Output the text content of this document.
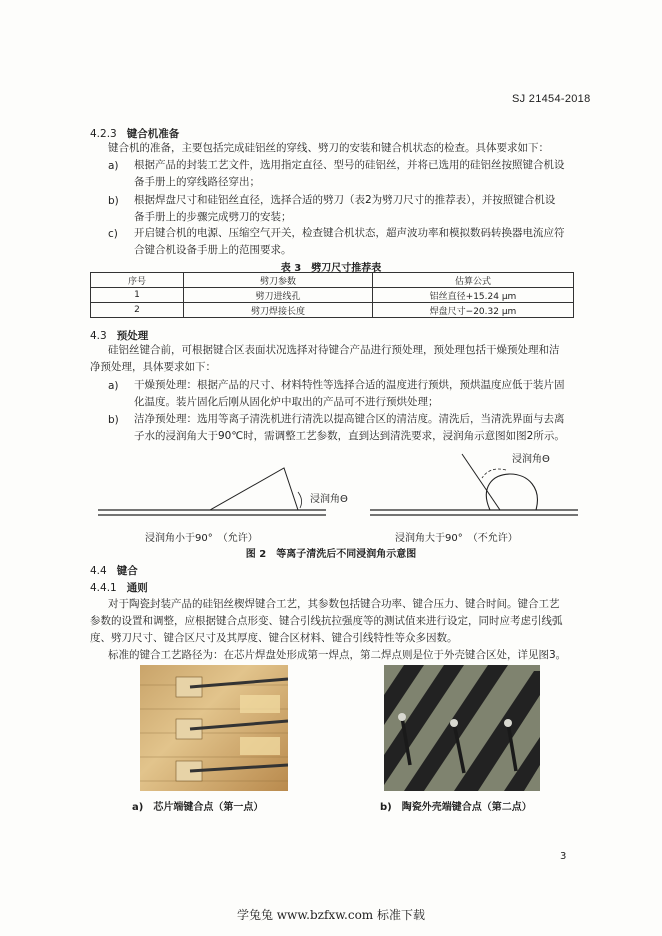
SJ 21454-2018
4.2.3 键合机准备
键合机的准备，主要包括完成硅铝丝的穿线、劈刀的安装和键合机状态的检查。具体要求如下：
a) 根据产品的封装工艺文件，选用指定直径、型号的硅铝丝，并将已选用的硅铝丝按照键合机设
备手册上的穿线路径穿出；
b) 根据焊盘尺寸和硅铝丝直径，选择合适的劈刀（表2为劈刀尺寸的推荐表），并按照键合机设
备手册上的步骤完成劈刀的安装；
c) 开启键合机的电源、压缩空气开关，检查键合机状态，超声波功率和模拟数码转换器电流应符
合键合机设备手册上的范围要求。
表 3　劈刀尺寸推荐表
序号	劈刀参数	估算公式
1	劈刀进线孔	铝丝直径+15.24 μm
2	劈刀焊接长度	焊盘尺寸−20.32 μm
4.3 预处理
硅铝丝键合前，可根据键合区表面状况选择对待键合产品进行预处理，预处理包括干燥预处理和洁
净预处理，具体要求如下：
a) 干燥预处理：根据产品的尺寸、材料特性等选择合适的温度进行预烘，预烘温度应低于装片固
化温度。装片固化后刚从固化炉中取出的产品可不进行预烘处理；
b) 洁净预处理：选用等离子清洗机进行清洗以提高键合区的清洁度。清洗后，当清洗界面与去离
子水的浸润角大于90℃时，需调整工艺参数，直到达到清洗要求，浸润角示意图如图2所示。
浸润角Θ
浸润角Θ
浸润角小于90°　（允许）	浸润角大于90°　（不允许）
图 2　等离子清洗后不同浸润角示意图
4.4 键合
4.4.1 通则
对于陶瓷封装产品的硅铝丝楔焊键合工艺，其参数包括键合功率、键合压力、键合时间。键合工艺
参数的设置和调整，应根据键合点形变、键合引线抗拉强度等的测试值来进行设定，同时应考虑引线弧
度、劈刀尺寸、键合区尺寸及其厚度、键合区材料、键合引线特性等众多因数。
标准的键合工艺路径为：在芯片焊盘处形成第一焊点，第二焊点则是位于外壳键合区处，详见图3。
a)　芯片端键合点（第一点）	b)　陶瓷外壳端键合点（第二点）
3
学兔兔 www.bzfxw.com 标准下载
